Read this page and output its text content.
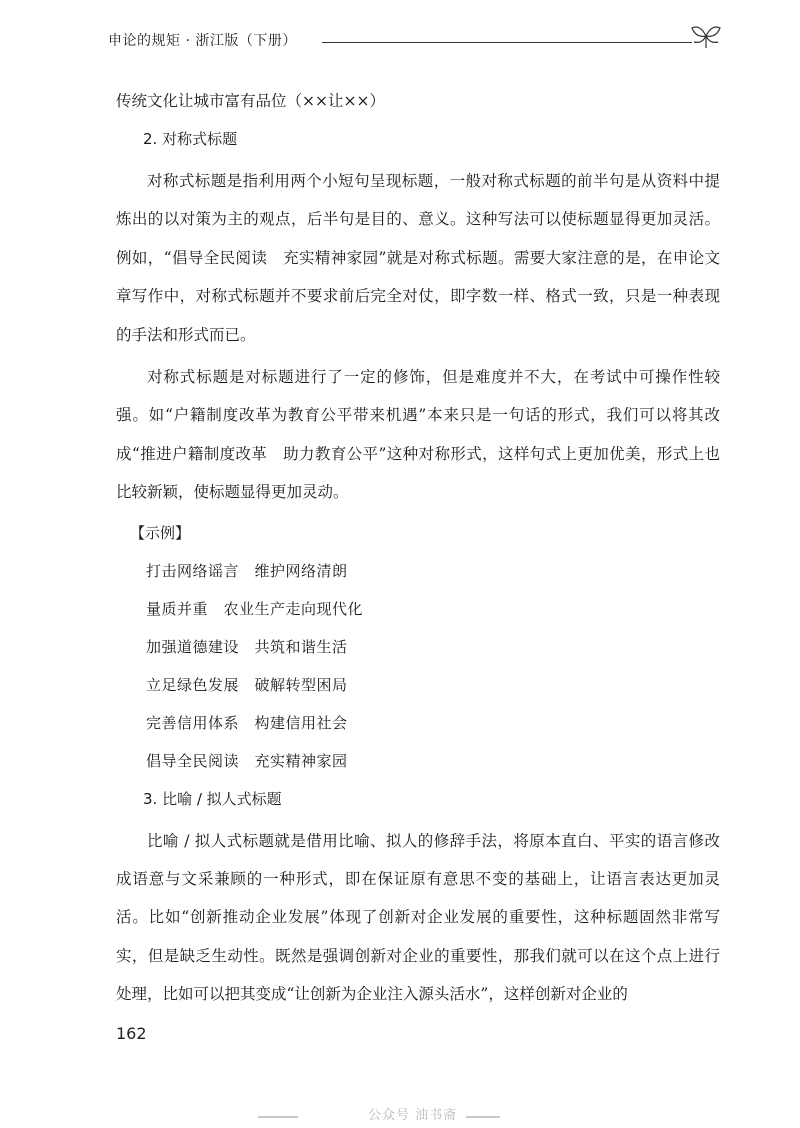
申论的规矩 · 浙江版（下册）

传统文化让城市富有品位（××让××）

2. 对称式标题

对称式标题是指利用两个小短句呈现标题，一般对称式标题的前半句是从资料中提炼出的以对策为主的观点，后半句是目的、意义。这种写法可以使标题显得更加灵活。例如，“倡导全民阅读　充实精神家园”就是对称式标题。需要大家注意的是，在申论文章写作中，对称式标题并不要求前后完全对仗，即字数一样、格式一致，只是一种表现的手法和形式而已。

对称式标题是对标题进行了一定的修饰，但是难度并不大，在考试中可操作性较强。如“户籍制度改革为教育公平带来机遇”本来只是一句话的形式，我们可以将其改成“推进户籍制度改革　助力教育公平”这种对称形式，这样句式上更加优美，形式上也比较新颖，使标题显得更加灵动。

【示例】

打击网络谣言　维护网络清朗

量质并重　农业生产走向现代化

加强道德建设　共筑和谐生活

立足绿色发展　破解转型困局

完善信用体系　构建信用社会

倡导全民阅读　充实精神家园

3. 比喻 / 拟人式标题

比喻 / 拟人式标题就是借用比喻、拟人的修辞手法，将原本直白、平实的语言修改成语意与文采兼顾的一种形式，即在保证原有意思不变的基础上，让语言表达更加灵活。比如“创新推动企业发展”体现了创新对企业发展的重要性，这种标题固然非常写实，但是缺乏生动性。既然是强调创新对企业的重要性，那我们就可以在这个点上进行处理，比如可以把其变成“让创新为企业注入源头活水”，这样创新对企业的

162
公众号 油书斋
